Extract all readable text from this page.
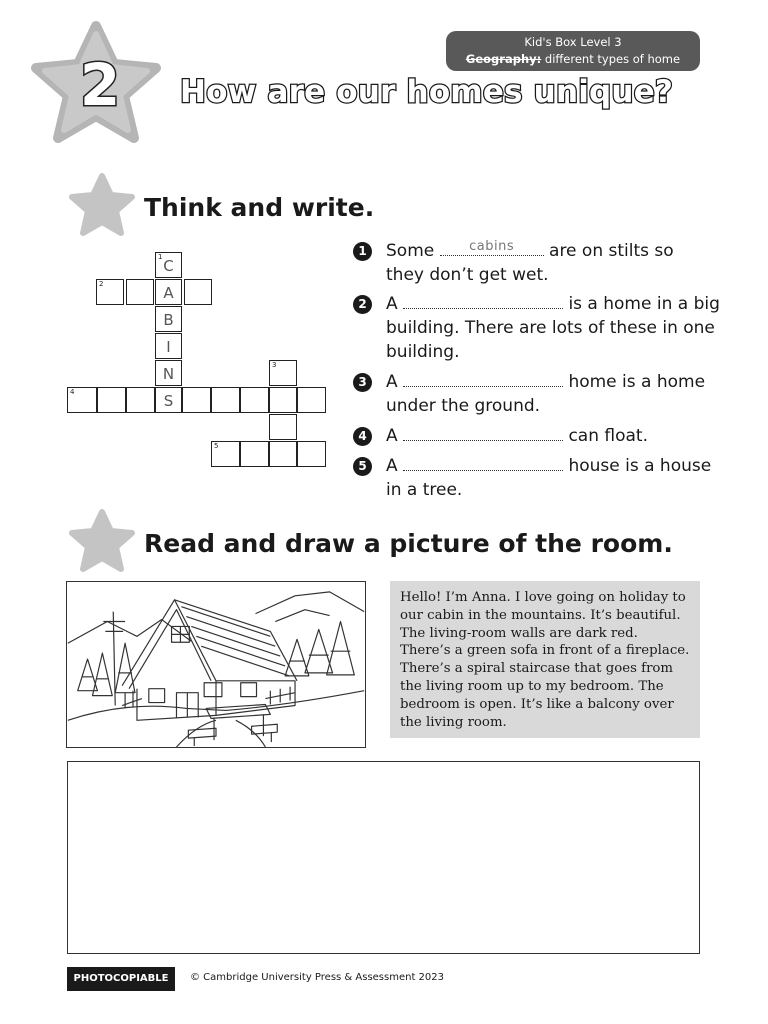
2 How are our homes unique?
Kid's Box Level 3
Geography: different types of home
Think and write.
1 C
A
B
I
N
S
2
3
4
5
1	Some	cabins	are on stilts so
they don’t get wet.
2	A	is a home in a big
building. There are lots of these in one
building.
3	A	home is a home
under the ground.
4	A	can float.
5	A	house is a house
in a tree.
Read and draw a picture of the room.
Hello! I’m Anna. I love going on holiday to
our cabin in the mountains. It’s beautiful.
The living-room walls are dark red.
There’s a green sofa in front of a fireplace.
There’s a spiral staircase that goes from
the living room up to my bedroom. The
bedroom is open. It’s like a balcony over
the living room.
PHOTOCOPIABLE	© Cambridge University Press & Assessment 2023
